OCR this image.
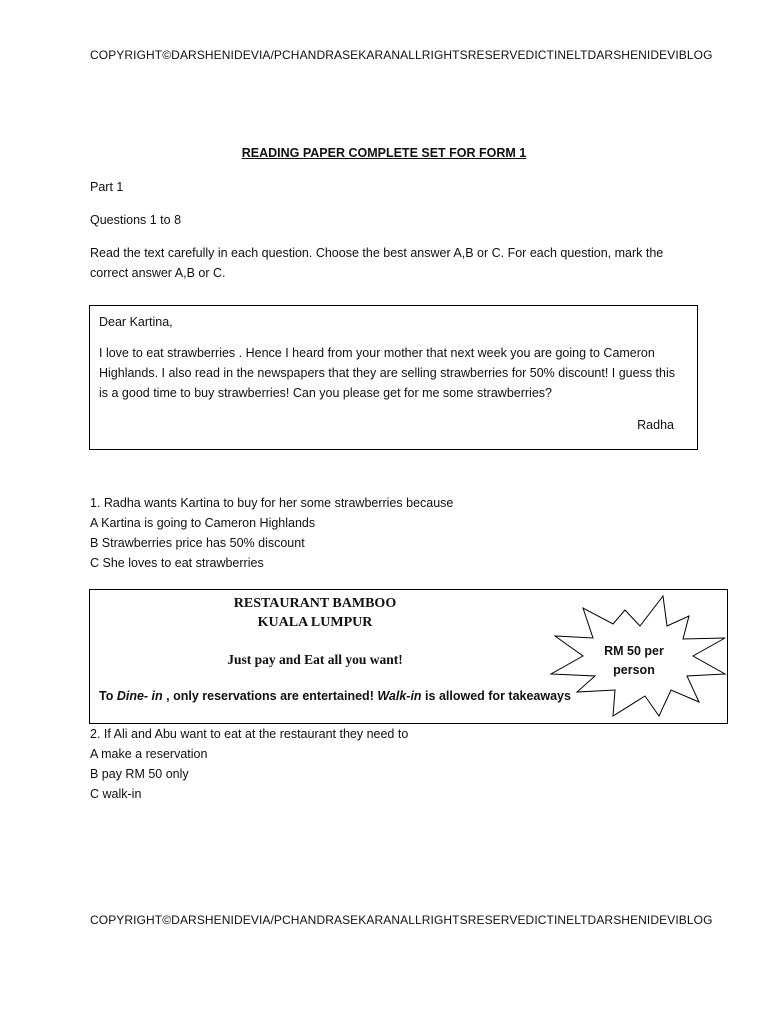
COPYRIGHT©DARSHENIDEVIA/PCHANDRASEKARANALLRIGHTSRESERVEDICTINELTDARSHENIDEVIBLOG
READING PAPER COMPLETE SET FOR FORM 1
Part 1
Questions 1 to 8
Read the text carefully in each question. Choose the best answer A,B or C. For each question, mark the
correct answer A,B or C.
Dear Kartina,
I love to eat strawberries . Hence I heard from your mother that next week you are going to Cameron
Highlands. I also read in the newspapers that they are selling strawberries for 50% discount! I guess this
is a good time to buy strawberries! Can you please get for me some strawberries?
Radha
1. Radha wants Kartina to buy for her some strawberries because
A Kartina is going to Cameron Highlands
B Strawberries price has 50% discount
C She loves to eat strawberries
RESTAURANT BAMBOO
KUALA LUMPUR
Just pay and Eat all you want!
To Dine- in , only reservations are entertained! Walk-in is allowed for takeaways
RM 50 per
person
2. If Ali and Abu want to eat at the restaurant they need to
A make a reservation
B pay RM 50 only
C walk-in
COPYRIGHT©DARSHENIDEVIA/PCHANDRASEKARANALLRIGHTSRESERVEDICTINELTDARSHENIDEVIBLOG
